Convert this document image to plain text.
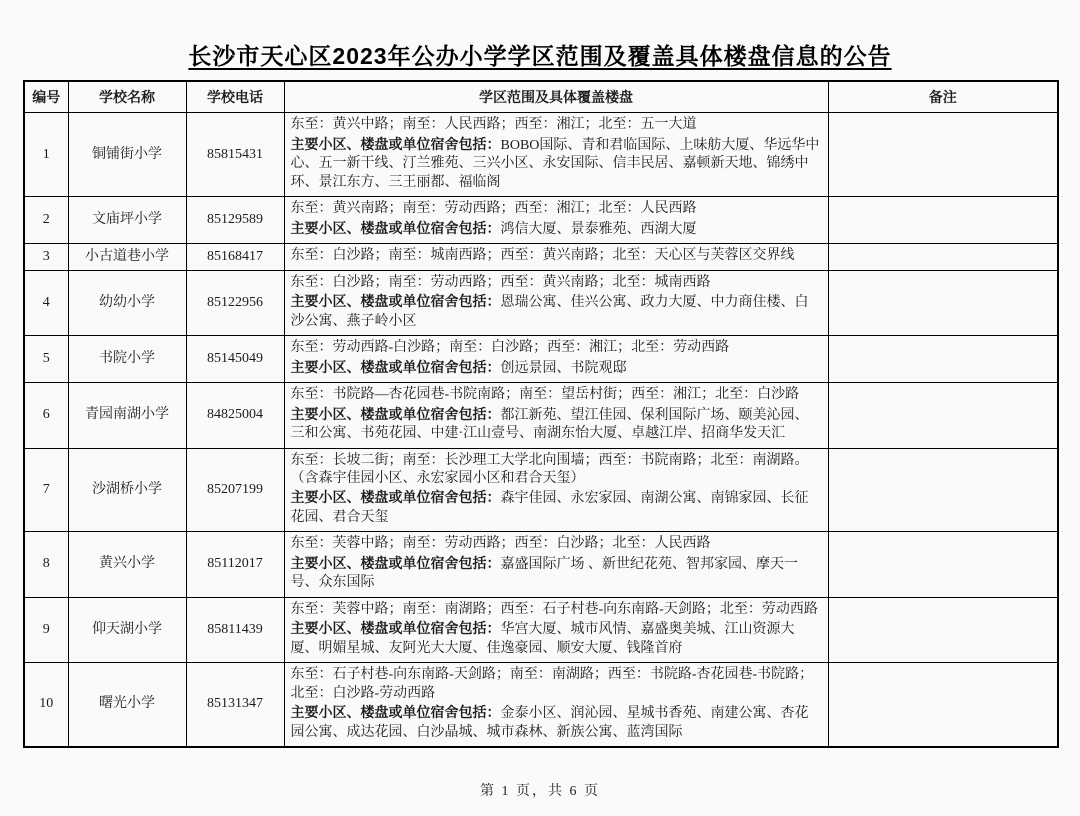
长沙市天心区2023年公办小学学区范围及覆盖具体楼盘信息的公告
编号	学校名称	学校电话	学区范围及具体覆盖楼盘	备注
1	铜铺街小学	85815431	东至：黄兴中路；南至：人民西路；西至：湘江；北至：五一大道
主要小区、楼盘或单位宿舍包括：BOBO国际、青和君临国际、上味舫大厦、华远华中心、五一新干线、汀兰雅苑、三兴小区、永安国际、信丰民居、嘉顿新天地、锦绣中环、景江东方、三王丽都、福临阁	

2	文庙坪小学	85129589	东至：黄兴南路；南至：劳动西路；西至：湘江；北至：人民西路
主要小区、楼盘或单位宿舍包括：鸿信大厦、景泰雅苑、西湖大厦	

3	小古道巷小学	85168417	东至：白沙路；南至：城南西路；西至：黄兴南路；北至：天心区与芙蓉区交界线	

4	幼幼小学	85122956	东至：白沙路；南至：劳动西路；西至：黄兴南路；北至：城南西路
主要小区、楼盘或单位宿舍包括：恩瑞公寓、佳兴公寓、政力大厦、中力商住楼、白沙公寓、燕子岭小区	

5	书院小学	85145049	东至：劳动西路-白沙路；南至：白沙路；西至：湘江；北至：劳动西路
主要小区、楼盘或单位宿舍包括：创远景园、书院观邸	

6	青园南湖小学	84825004	东至：书院路—杏花园巷-书院南路；南至：望岳村街；西至：湘江；北至：白沙路
主要小区、楼盘或单位宿舍包括：都江新苑、望江佳园、保利国际广场、颐美沁园、三和公寓、书苑花园、中建·江山壹号、南湖东怡大厦、卓越江岸、招商华发天汇	

7	沙湖桥小学	85207199	东至：长坡二街；南至：长沙理工大学北向围墙；西至：书院南路；北至：南湖路。（含森宇佳园小区、永宏家园小区和君合天玺）
主要小区、楼盘或单位宿舍包括：森宇佳园、永宏家园、南湖公寓、南锦家园、长征花园、君合天玺	

8	黄兴小学	85112017	东至：芙蓉中路；南至：劳动西路；西至：白沙路；北至：人民西路
主要小区、楼盘或单位宿舍包括：嘉盛国际广场 、新世纪花苑、智邦家园、摩天一号、众东国际	

9	仰天湖小学	85811439	东至：芙蓉中路；南至：南湖路；西至：石子村巷-向东南路-天剑路；北至：劳动西路
主要小区、楼盘或单位宿舍包括：华宫大厦、城市风情、嘉盛奥美城、江山资源大厦、明媚星城、友阿光大大厦、佳逸豪园、顺安大厦、钱隆首府	

10	曙光小学	85131347	东至：石子村巷-向东南路-天剑路；南至：南湖路；西至：书院路-杏花园巷-书院路；北至：白沙路-劳动西路
主要小区、楼盘或单位宿舍包括：金泰小区、润沁园、星城书香苑、南建公寓、杏花园公寓、成达花园、白沙晶城、城市森林、新族公寓、蓝湾国际	

第 1 页，共 6 页
